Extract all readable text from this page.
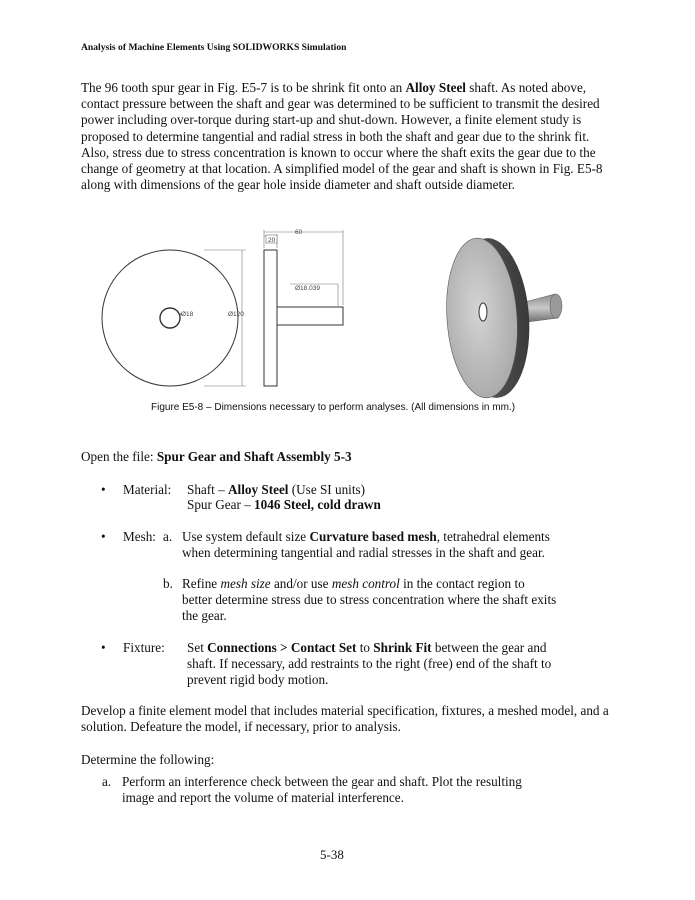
Analysis of Machine Elements Using SOLIDWORKS Simulation

The 96 tooth spur gear in Fig. E5-7 is to be shrink fit onto an Alloy Steel shaft. As noted above, contact pressure between the shaft and gear was determined to be sufficient to transmit the desired power including over-torque during start-up and shut-down. However, a finite element study is proposed to determine tangential and radial stress in both the shaft and gear due to the shrink fit. Also, stress due to stress concentration is known to occur where the shaft exits the gear due to the change of geometry at that location. A simplified model of the gear and shaft is shown in Fig. E5-8 along with dimensions of the gear hole inside diameter and shaft outside diameter.

Ø18	Ø120
20
60
Ø18.039
Figure E5-8 – Dimensions necessary to perform analyses. (All dimensions in mm.)
Open the file: Spur Gear and Shaft Assembly 5-3
• Material: Shaft – Alloy Steel (Use SI units)
Spur Gear – 1046 Steel, cold drawn
• Mesh: a. Use system default size Curvature based mesh, tetrahedral elements
when determining tangential and radial stresses in the shaft and gear.
b. Refine mesh size and/or use mesh control in the contact region to
better determine stress due to stress concentration where the shaft exits
the gear.
• Fixture: Set Connections > Contact Set to Shrink Fit between the gear and
shaft. If necessary, add restraints to the right (free) end of the shaft to
prevent rigid body motion.
Develop a finite element model that includes material specification, fixtures, a meshed model, and a solution. Defeature the model, if necessary, prior to analysis.
Determine the following:
a. Perform an interference check between the gear and shaft. Plot the resulting
image and report the volume of material interference.
5-38
